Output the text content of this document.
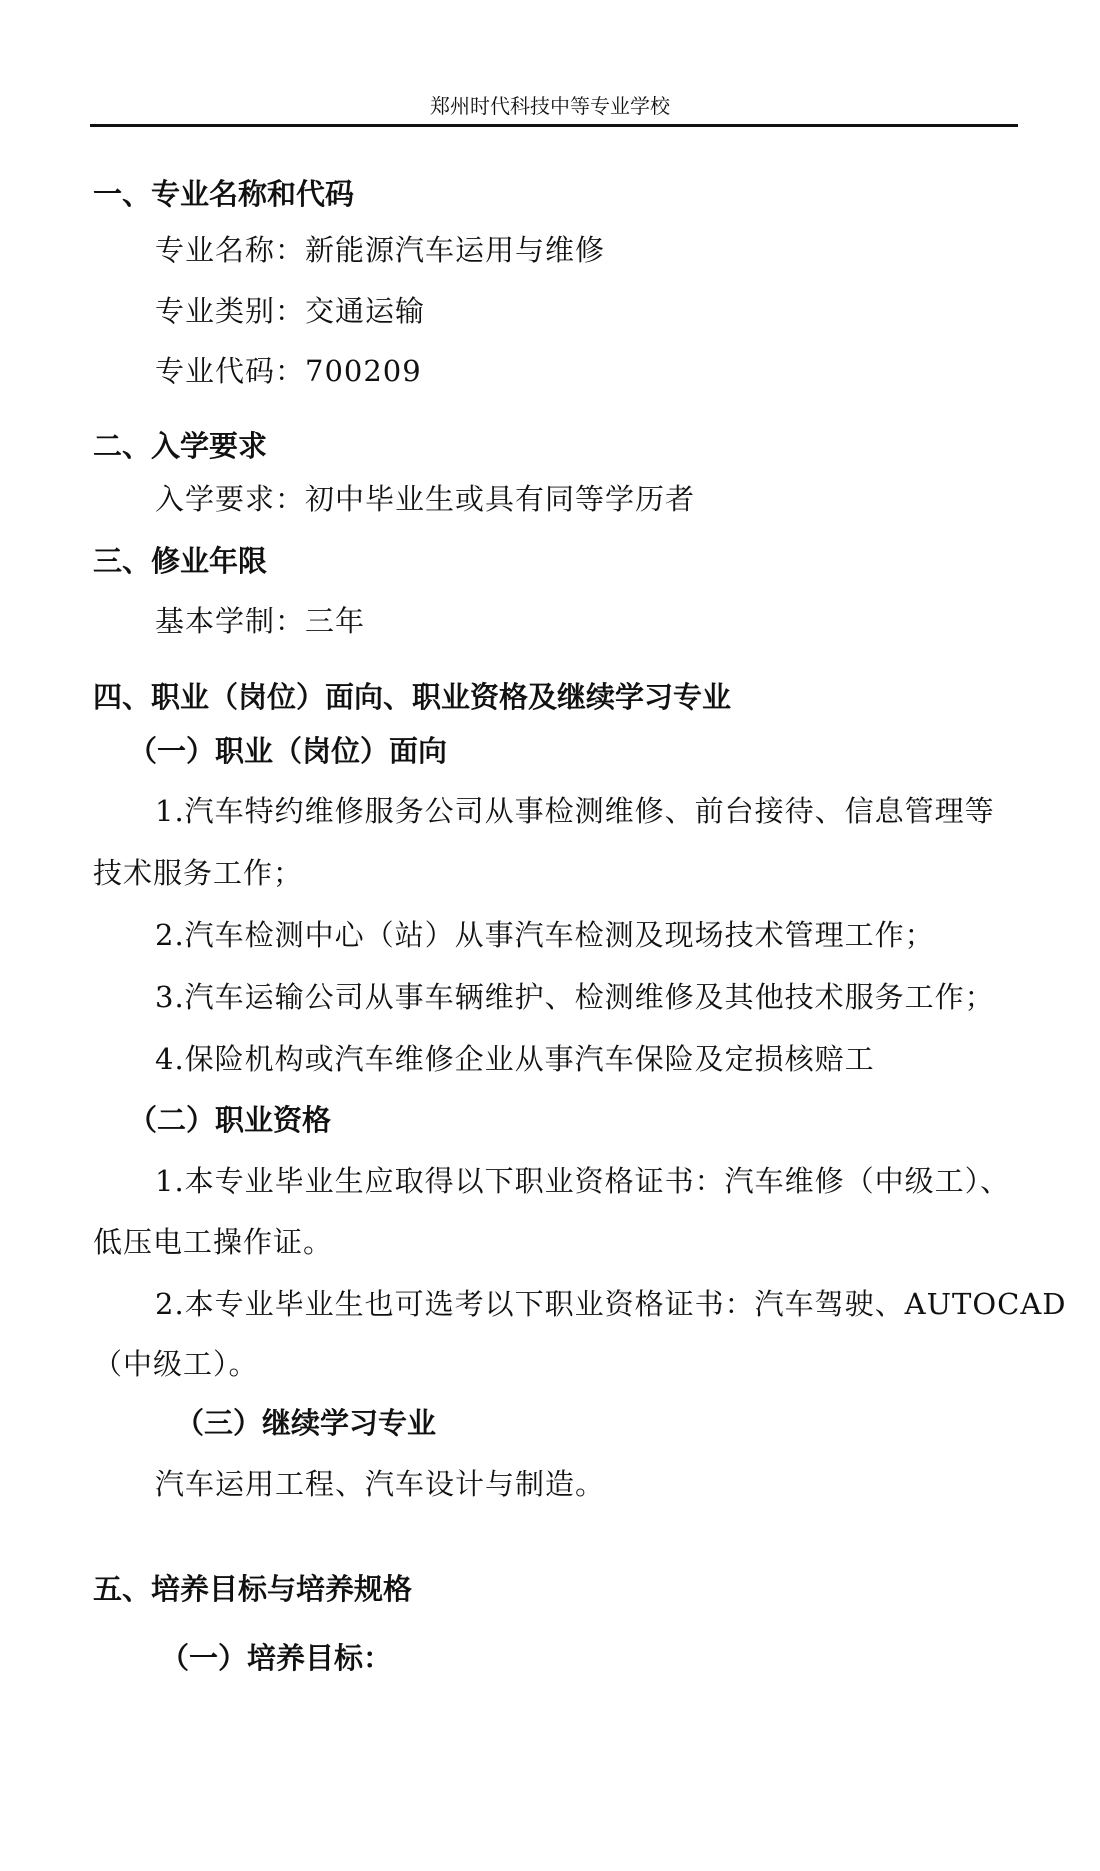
郑州时代科技中等专业学校
一、专业名称和代码
专业名称：新能源汽车运用与维修
专业类别：交通运输
专业代码：700209
二、入学要求
入学要求：初中毕业生或具有同等学历者
三、修业年限
基本学制：三年
四、职业（岗位）面向、职业资格及继续学习专业
（一）职业（岗位）面向
1.汽车特约维修服务公司从事检测维修、前台接待、信息管理等
技术服务工作；
2.汽车检测中心（站）从事汽车检测及现场技术管理工作；
3.汽车运输公司从事车辆维护、检测维修及其他技术服务工作；
4.保险机构或汽车维修企业从事汽车保险及定损核赔工
（二）职业资格
1.本专业毕业生应取得以下职业资格证书：汽车维修（中级工）、
低压电工操作证。
2.本专业毕业生也可选考以下职业资格证书：汽车驾驶、AUTOCAD
（中级工）。
（三）继续学习专业
汽车运用工程、汽车设计与制造。
五、培养目标与培养规格
（一）培养目标：
